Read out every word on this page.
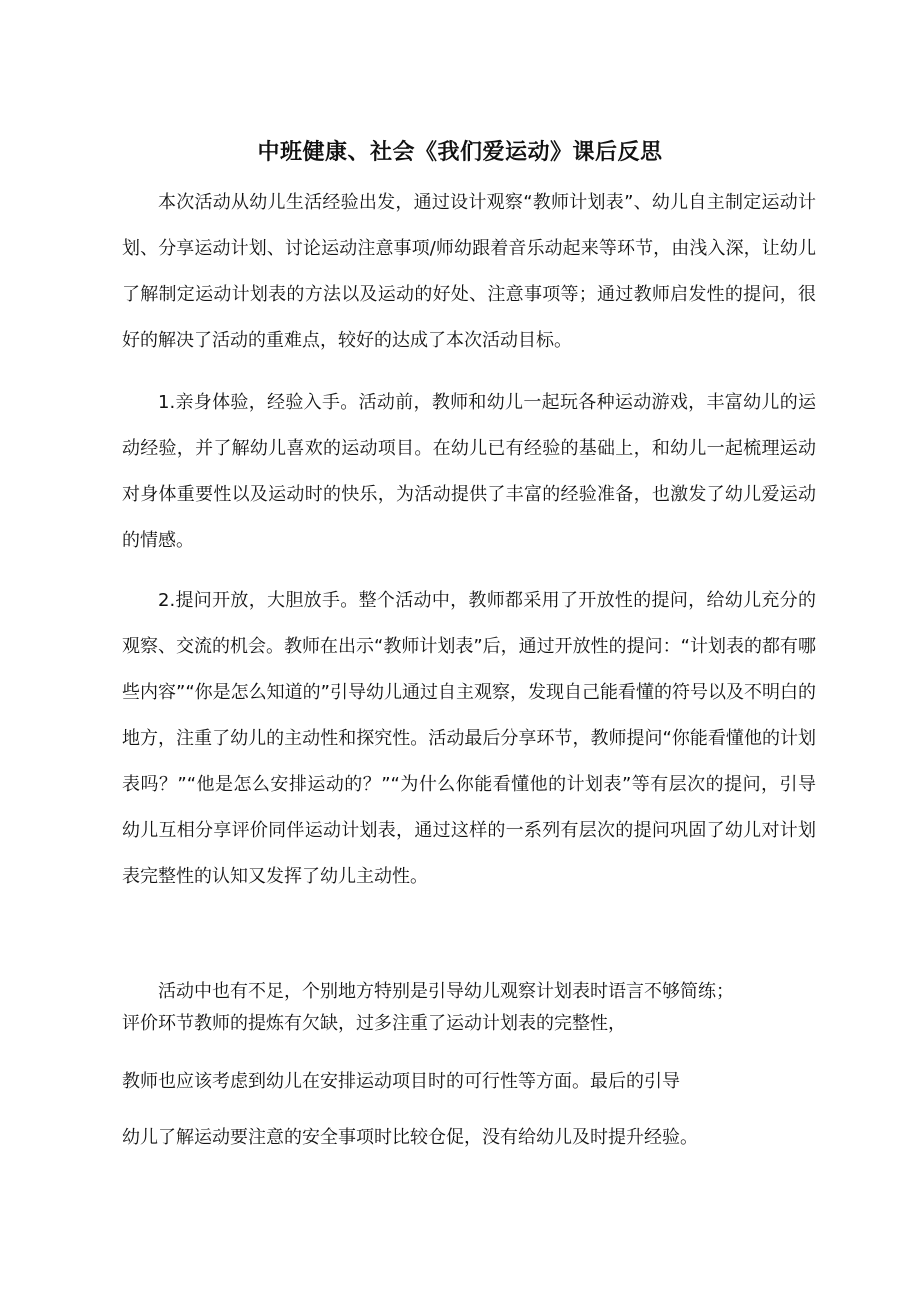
中班健康、社会《我们爱运动》课后反思

本次活动从幼儿生活经验出发，通过设计观察“教师计划表”、幼儿自主制定运动计划、分享运动计划、讨论运动注意事项/师幼跟着音乐动起来等环节，由浅入深，让幼儿了解制定运动计划表的方法以及运动的好处、注意事项等；通过教师启发性的提问，很好的解决了活动的重难点，较好的达成了本次活动目标。

1.亲身体验，经验入手。活动前，教师和幼儿一起玩各种运动游戏，丰富幼儿的运动经验，并了解幼儿喜欢的运动项目。在幼儿已有经验的基础上，和幼儿一起梳理运动对身体重要性以及运动时的快乐，为活动提供了丰富的经验准备，也激发了幼儿爱运动的情感。

2.提问开放，大胆放手。整个活动中，教师都采用了开放性的提问，给幼儿充分的观察、交流的机会。教师在出示“教师计划表”后，通过开放性的提问：“计划表的都有哪些内容”“你是怎么知道的”引导幼儿通过自主观察，发现自己能看懂的符号以及不明白的地方，注重了幼儿的主动性和探究性。活动最后分享环节，教师提问“你能看懂他的计划表吗？”“他是怎么安排运动的？”“为什么你能看懂他的计划表”等有层次的提问，引导幼儿互相分享评价同伴运动计划表，通过这样的一系列有层次的提问巩固了幼儿对计划表完整性的认知又发挥了幼儿主动性。

活动中也有不足，个别地方特别是引导幼儿观察计划表时语言不够简练；

评价环节教师的提炼有欠缺，过多注重了运动计划表的完整性，

教师也应该考虑到幼儿在安排运动项目时的可行性等方面。最后的引导

幼儿了解运动要注意的安全事项时比较仓促，没有给幼儿及时提升经验。
